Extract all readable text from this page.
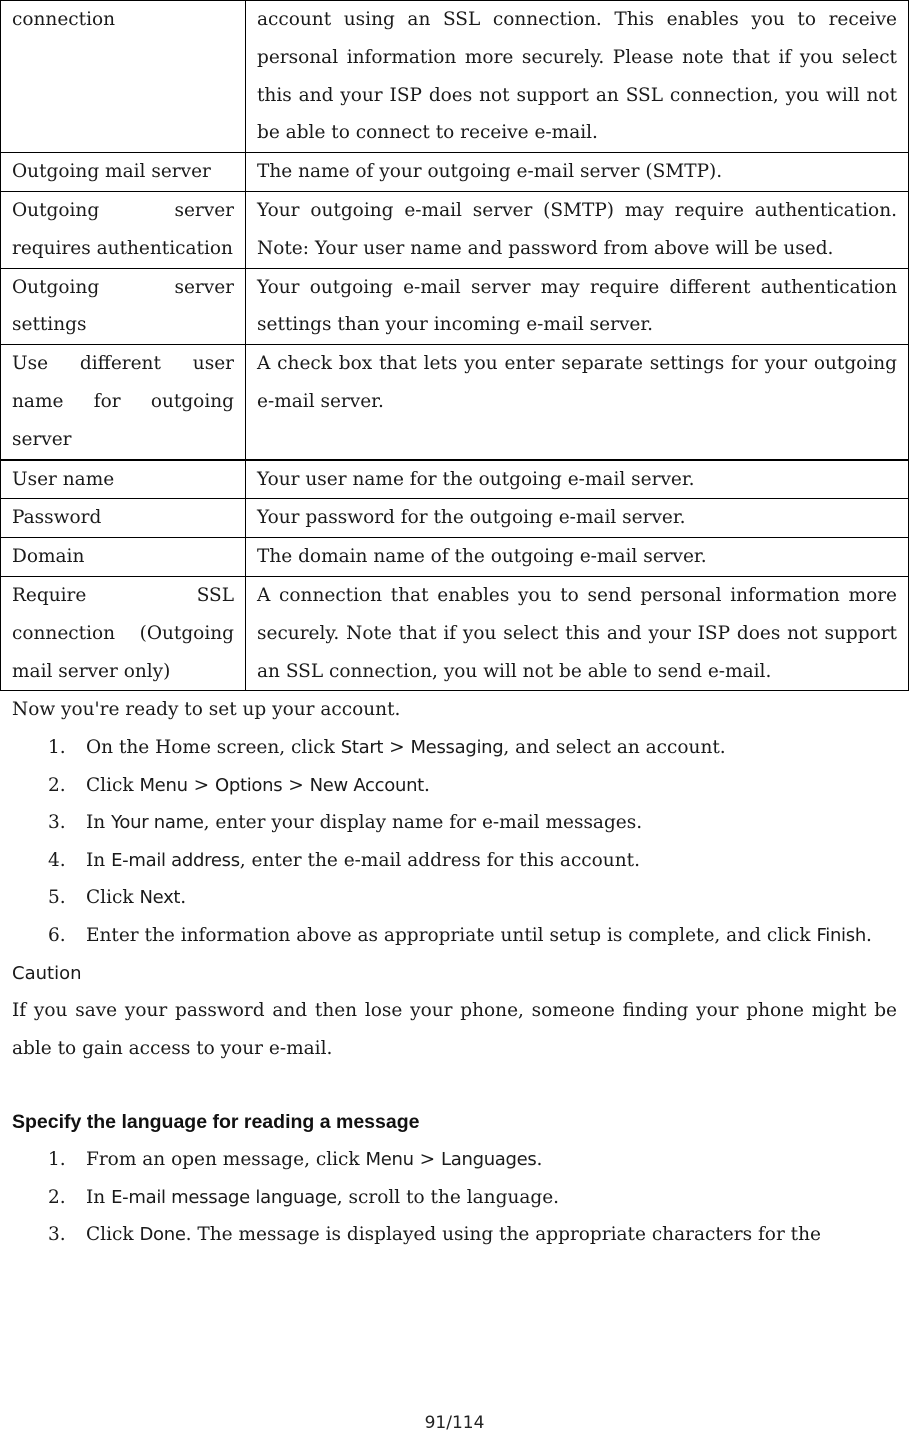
connection	account using an SSL connection. This enables you to receive personal information more securely. Please note that if you select this and your ISP does not support an SSL connection, you will not be able to connect to receive e-mail.
Outgoing mail server	The name of your outgoing e-mail server (SMTP).
Outgoing server requires authentication	Your outgoing e-mail server (SMTP) may require authentication. Note: Your user name and password from above will be used.
Outgoing server settings	Your outgoing e-mail server may require different authentication settings than your incoming e-mail server.
Use different user name for outgoing server	A check box that lets you enter separate settings for your outgoing e-mail server.
User name	Your user name for the outgoing e-mail server.
Password	Your password for the outgoing e-mail server.
Domain	The domain name of the outgoing e-mail server.
Require SSL connection (Outgoing mail server only)	A connection that enables you to send personal information more securely. Note that if you select this and your ISP does not support an SSL connection, you will not be able to send e-mail.

Now you're ready to set up your account.

1. On the Home screen, click Start > Messaging, and select an account.
2. Click Menu > Options > New Account.
3. In Your name, enter your display name for e-mail messages.
4. In E-mail address, enter the e-mail address for this account.
5. Click Next.
6. Enter the information above as appropriate until setup is complete, and click Finish.

Caution

If you save your password and then lose your phone, someone finding your phone might be able to gain access to your e-mail.

Specify the language for reading a message
1. From an open message, click Menu > Languages.
2. In E-mail message language, scroll to the language.
3. Click Done. The message is displayed using the appropriate characters for the
91/114
